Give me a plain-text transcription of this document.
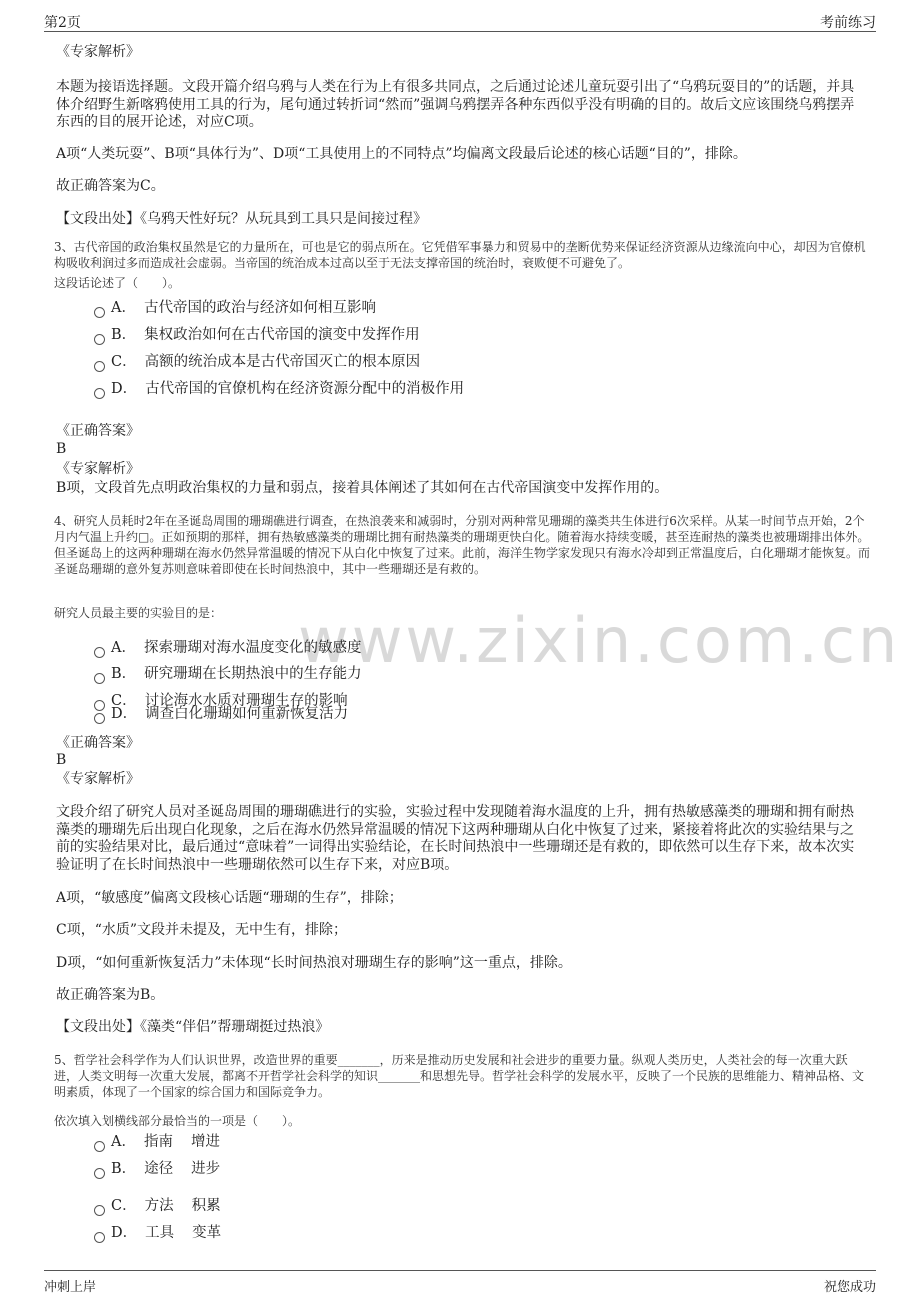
第2页	考前练习
www.zixin.com.cn
《专家解析》
本题为接语选择题。文段开篇介绍乌鸦与人类在行为上有很多共同点，之后通过论述儿童玩耍引出了“乌鸦玩耍目的”的话题，并具体介绍野生新喀鸦使用工具的行为，尾句通过转折词“然而”强调乌鸦摆弄各种东西似乎没有明确的目的。故后文应该围绕乌鸦摆弄东西的目的展开论述，对应C项。
A项“人类玩耍”、B项“具体行为”、D项“工具使用上的不同特点”均偏离文段最后论述的核心话题“目的”，排除。
故正确答案为C。
【文段出处】《乌鸦天性好玩？从玩具到工具只是间接过程》
3、古代帝国的政治集权虽然是它的力量所在，可也是它的弱点所在。它凭借军事暴力和贸易中的垄断优势来保证经济资源从边缘流向中心，却因为官僚机构吸收利润过多而造成社会虚弱。当帝国的统治成本过高以至于无法支撑帝国的统治时，衰败便不可避免了。
这段话论述了（　　）。
A． 古代帝国的政治与经济如何相互影响
B． 集权政治如何在古代帝国的演变中发挥作用
C． 高额的统治成本是古代帝国灭亡的根本原因
D． 古代帝国的官僚机构在经济资源分配中的消极作用
《正确答案》
B
《专家解析》
B项，文段首先点明政治集权的力量和弱点，接着具体阐述了其如何在古代帝国演变中发挥作用的。
4、研究人员耗时2年在圣诞岛周围的珊瑚礁进行调查，在热浪袭来和减弱时，分别对两种常见珊瑚的藻类共生体进行6次采样。从某一时间节点开始，2个月内气温上升约□。正如预期的那样，拥有热敏感藻类的珊瑚比拥有耐热藻类的珊瑚更快白化。随着海水持续变暖，甚至连耐热的藻类也被珊瑚排出体外。但圣诞岛上的这两种珊瑚在海水仍然异常温暖的情况下从白化中恢复了过来。此前，海洋生物学家发现只有海水冷却到正常温度后，白化珊瑚才能恢复。而圣诞岛珊瑚的意外复苏则意味着即使在长时间热浪中，其中一些珊瑚还是有救的。
研究人员最主要的实验目的是：
A． 探索珊瑚对海水温度变化的敏感度
B． 研究珊瑚在长期热浪中的生存能力
C． 讨论海水水质对珊瑚生存的影响
D． 调查白化珊瑚如何重新恢复活力
《正确答案》
B
《专家解析》
文段介绍了研究人员对圣诞岛周围的珊瑚礁进行的实验，实验过程中发现随着海水温度的上升，拥有热敏感藻类的珊瑚和拥有耐热藻类的珊瑚先后出现白化现象，之后在海水仍然异常温暖的情况下这两种珊瑚从白化中恢复了过来，紧接着将此次的实验结果与之前的实验结果对比，最后通过“意味着”一词得出实验结论，在长时间热浪中一些珊瑚还是有救的，即依然可以生存下来，故本次实验证明了在长时间热浪中一些珊瑚依然可以生存下来，对应B项。
A项，“敏感度”偏离文段核心话题“珊瑚的生存”，排除；
C项，“水质”文段并未提及，无中生有，排除；
D项，“如何重新恢复活力”未体现“长时间热浪对珊瑚生存的影响”这一重点，排除。
故正确答案为B。
【文段出处】《藻类“伴侣”帮珊瑚挺过热浪》
5、哲学社会科学作为人们认识世界，改造世界的重要_______，历来是推动历史发展和社会进步的重要力量。纵观人类历史，人类社会的每一次重大跃进，人类文明每一次重大发展，都离不开哲学社会科学的知识_______和思想先导。哲学社会科学的发展水平，反映了一个民族的思维能力、精神品格、文明素质，体现了一个国家的综合国力和国际竞争力。
依次填入划横线部分最恰当的一项是（　　）。
A． 指南 增进
B． 途径 进步
C． 方法 积累
D． 工具 变革
冲刺上岸	祝您成功
